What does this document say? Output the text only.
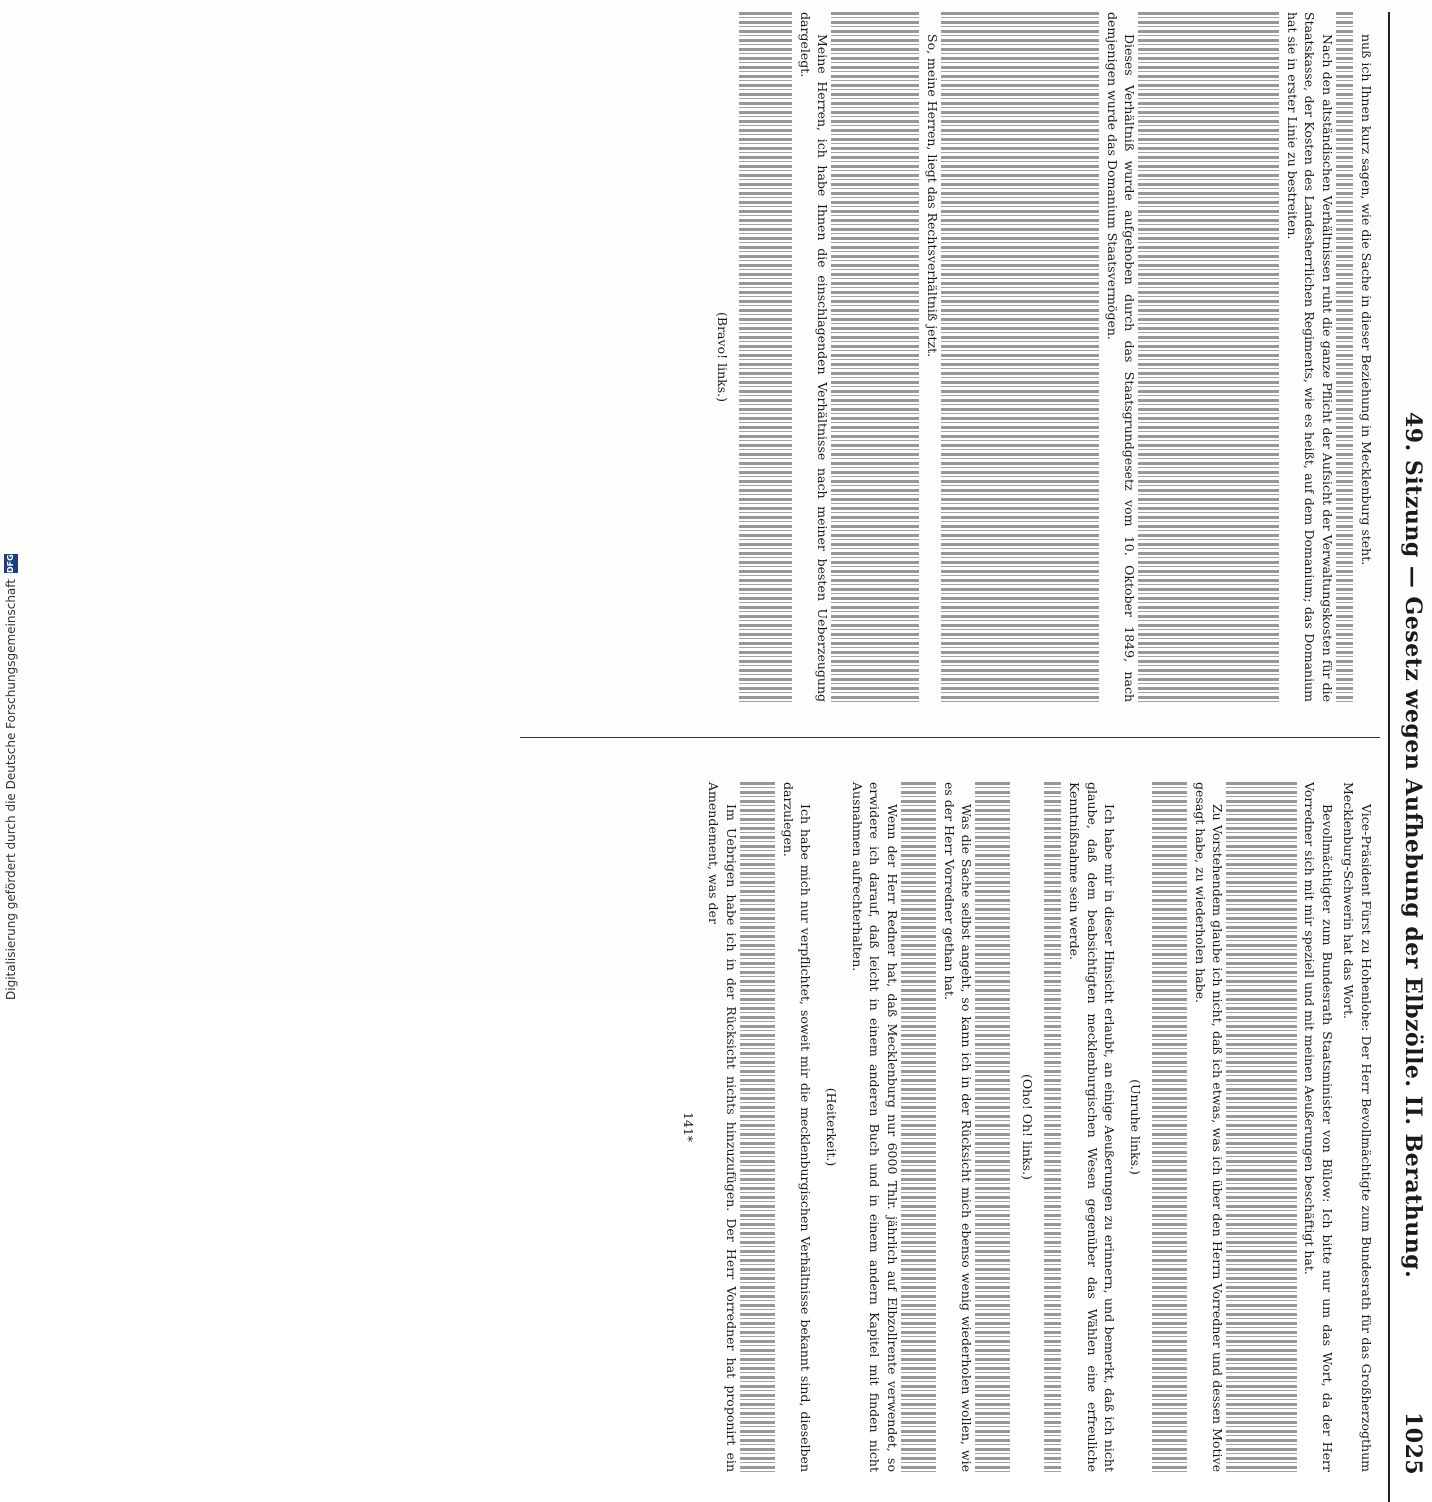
49. Sitzung — Gesetz wegen Aufhebung der Elbzölle. II. Berathung.
1025

nuß ich Ihnen kurz sagen, wie die Sache in dieser Beziehung in Mecklenburg steht.

Nach den altständischen Verhältnissen ruht die ganze Pflicht der Aufsicht der Verwaltungskosten für die Staatskasse, der Kosten des Landesherrlichen Regiments, wie es heißt, auf dem Domanium; das Domanium hat sie in erster Linie zu bestreiten.

Dieses Verhältniß wurde aufgehoben durch das Staatsgrundgesetz vom 10. Oktober 1849, nach demjenigen wurde das Domanium Staatsvermögen.

So, meine Herren, liegt das Rechtsverhältniß jetzt.

Meine Herren, ich habe Ihnen die einschlagenden Verhältnisse nach meiner besten Ueberzeugung dargelegt.

(Bravo! links.)

Vice-Präsident Fürst zu Hohenlohe: Der Herr Bevollmächtigte zum Bundesrath für das Großherzogthum Mecklenburg-Schwerin hat das Wort.

Bevollmächtigter zum Bundesrath Staatsminister von Bülow: Ich bitte nur um das Wort, da der Herr Vorredner sich mit mir speziell und mit meinen Aeußerungen beschäftigt hat.

Zu Vorstehendem glaube ich nicht, daß ich etwas, was ich über den Herrn Vorredner und dessen Motive gesagt habe, zu wiederholen habe.

(Unruhe links.)

Ich habe mir in dieser Hinsicht erlaubt, an einige Aeußerungen zu erinnern, und bemerkt, daß ich nicht glaube, daß dem beabsichtigten mecklenburgischen Wesen gegenüber das Wählen eine erfreuliche Kenntnißnahme sein werde.

(Oho! Oh! links.)

Was die Sache selbst angeht, so kann ich in der Rücksicht mich ebenso wenig wiederholen wollen, wie es der Herr Vorredner gethan hat.

Wenn der Herr Redner hat, daß Mecklenburg nur 6000 Thlr. jährlich auf Elbzollrente verwendet, so erwidere ich darauf, daß leicht in einem anderen Buch und in einem andern Kapitel mit finden nicht Ausnahmen aufrechterhalten.

(Heiterkeit.)

Ich habe mich nur verpflichtet, soweit mir die mecklenburgischen Verhältnisse bekannt sind, dieselben darzulegen.

Im Uebrigen habe ich in der Rücksicht nichts hinzuzufügen. Der Herr Vorredner hat proponirt ein Amendement, was der

141*

Digitalisierung gefördert durch die Deutsche Forschungsgemeinschaft
DFG
